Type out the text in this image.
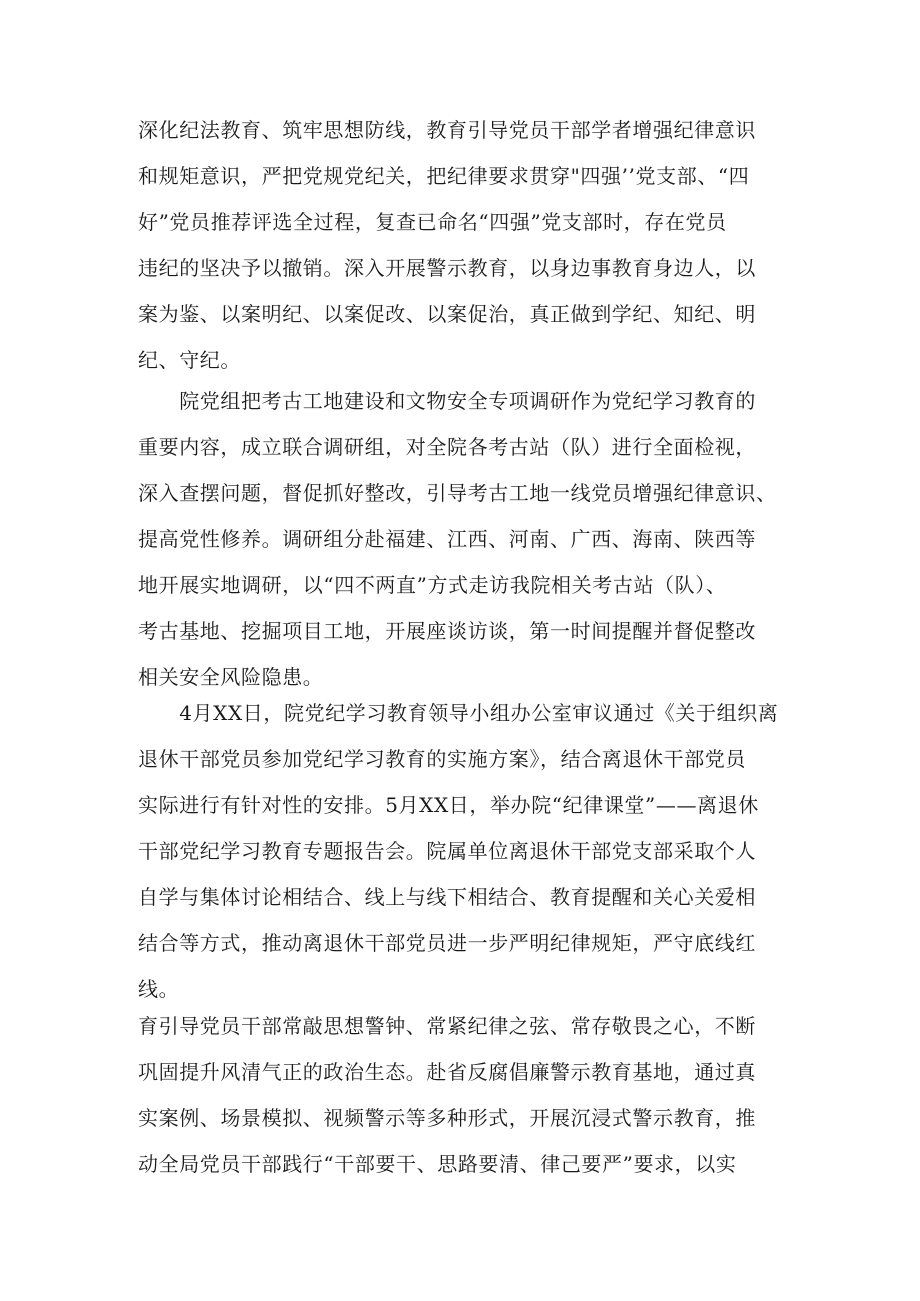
深化纪法教育、筑牢思想防线，教育引导党员干部学者增强纪律意识
和规矩意识，严把党规党纪关，把纪律要求贯穿"四强’’党支部、“四
好”党员推荐评选全过程，复查已命名“四强”党支部时，存在党员
违纪的坚决予以撤销。深入开展警示教育，以身边事教育身边人，以
案为鉴、以案明纪、以案促改、以案促治，真正做到学纪、知纪、明
纪、守纪。
　　院党组把考古工地建设和文物安全专项调研作为党纪学习教育的
重要内容，成立联合调研组，对全院各考古站（队）进行全面检视，
深入查摆问题，督促抓好整改，引导考古工地一线党员增强纪律意识、
提高党性修养。调研组分赴福建、江西、河南、广西、海南、陕西等
地开展实地调研，以“四不两直”方式走访我院相关考古站（队）、
考古基地、挖掘项目工地，开展座谈访谈，第一时间提醒并督促整改
相关安全风险隐患。
　　4月XX日，院党纪学习教育领导小组办公室审议通过《关于组织离
退休干部党员参加党纪学习教育的实施方案》，结合离退休干部党员
实际进行有针对性的安排。5月XX日，举办院“纪律课堂”——离退休
干部党纪学习教育专题报告会。院属单位离退休干部党支部采取个人
自学与集体讨论相结合、线上与线下相结合、教育提醒和关心关爱相
结合等方式，推动离退休干部党员进一步严明纪律规矩，严守底线红
线。
育引导党员干部常敲思想警钟、常紧纪律之弦、常存敬畏之心，不断
巩固提升风清气正的政治生态。赴省反腐倡廉警示教育基地，通过真
实案例、场景模拟、视频警示等多种形式，开展沉浸式警示教育，推
动全局党员干部践行“干部要干、思路要清、律己要严”要求，以实
